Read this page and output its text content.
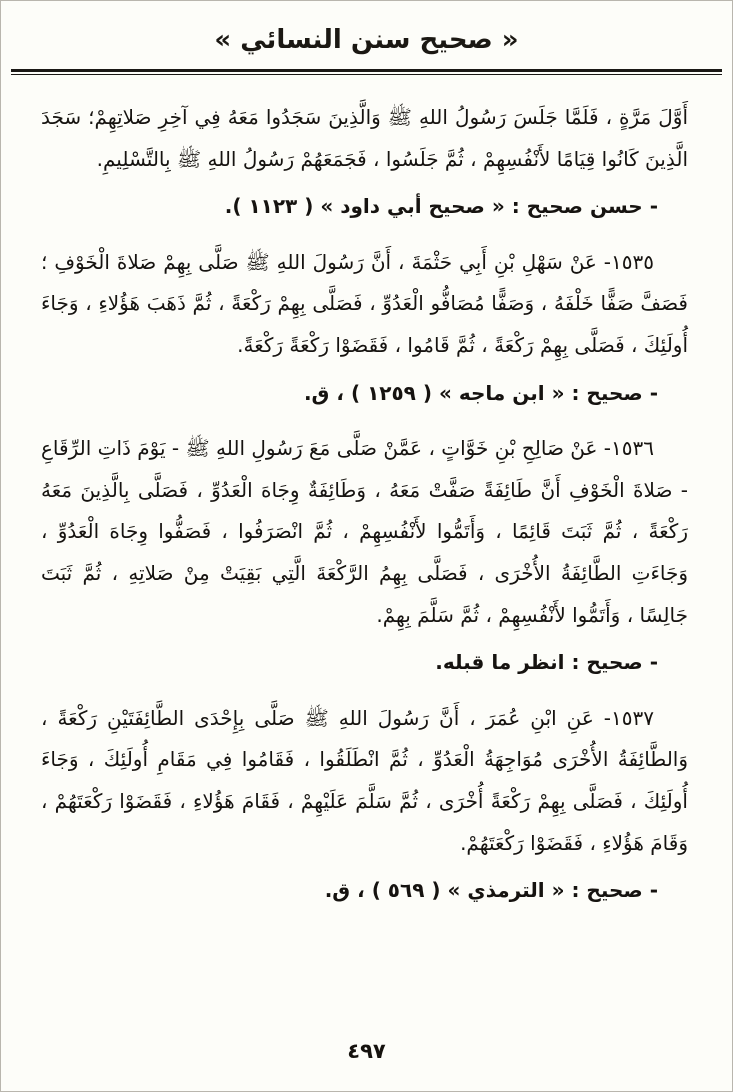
« صحيح سنن النسائي »

أَوَّلَ مَرَّةٍ ، فَلَمَّا جَلَسَ رَسُولُ اللهِ ﷺ وَالَّذِينَ سَجَدُوا مَعَهُ فِي آخِرِ صَلاتِهِمْ؛ سَجَدَ الَّذِينَ كَانُوا قِيَامًا لأَنْفُسِهِمْ ، ثُمَّ جَلَسُوا ، فَجَمَعَهُمْ رَسُولُ اللهِ ﷺ بِالتَّسْلِيمِ.

- حسن صحيح : « صحيح أبي داود » ( ١١٢٣ ).

١٥٣٥- عَنْ سَهْلِ بْنِ أَبِي حَثْمَةَ ، أَنَّ رَسُولَ اللهِ ﷺ صَلَّى بِهِمْ صَلاةَ الْخَوْفِ ؛ فَصَفَّ صَفًّا خَلْفَهُ ، وَصَفًّا مُصَافُّو الْعَدُوِّ ، فَصَلَّى بِهِمْ رَكْعَةً ، ثُمَّ ذَهَبَ هَؤُلاءِ ، وَجَاءَ أُولَئِكَ ، فَصَلَّى بِهِمْ رَكْعَةً ، ثُمَّ قَامُوا ، فَقَضَوْا رَكْعَةً رَكْعَةً.

- صحيح : « ابن ماجه » ( ١٢٥٩ ) ، ق.

١٥٣٦- عَنْ صَالِحِ بْنِ خَوَّاتٍ ، عَمَّنْ صَلَّى مَعَ رَسُولِ اللهِ ﷺ - يَوْمَ ذَاتِ الرِّقَاعِ - صَلاةَ الْخَوْفِ أَنَّ طَائِفَةً صَفَّتْ مَعَهُ ، وَطَائِفَةٌ وِجَاهَ الْعَدُوِّ ، فَصَلَّى بِالَّذِينَ مَعَهُ رَكْعَةً ، ثُمَّ ثَبَتَ قَائِمًا ، وَأَتَمُّوا لأَنْفُسِهِمْ ، ثُمَّ انْصَرَفُوا ، فَصَفُّوا وِجَاهَ الْعَدُوِّ ، وَجَاءَتِ الطَّائِفَةُ الأُخْرَى ، فَصَلَّى بِهِمُ الرَّكْعَةَ الَّتِي بَقِيَتْ مِنْ صَلاتِهِ ، ثُمَّ ثَبَتَ جَالِسًا ، وَأَتَمُّوا لأَنْفُسِهِمْ ، ثُمَّ سَلَّمَ بِهِمْ.

- صحيح : انظر ما قبله.

١٥٣٧- عَنِ ابْنِ عُمَرَ ، أَنَّ رَسُولَ اللهِ ﷺ صَلَّى بِإِحْدَى الطَّائِفَتَيْنِ رَكْعَةً ، وَالطَّائِفَةُ الأُخْرَى مُوَاجِهَةُ الْعَدُوِّ ، ثُمَّ انْطَلَقُوا ، فَقَامُوا فِي مَقَامِ أُولَئِكَ ، وَجَاءَ أُولَئِكَ ، فَصَلَّى بِهِمْ رَكْعَةً أُخْرَى ، ثُمَّ سَلَّمَ عَلَيْهِمْ ، فَقَامَ هَؤُلاءِ ، فَقَضَوْا رَكْعَتَهُمْ ، وَقَامَ هَؤُلاءِ ، فَقَضَوْا رَكْعَتَهُمْ.

- صحيح : « الترمذي » ( ٥٦٩ ) ، ق.

٤٩٧
